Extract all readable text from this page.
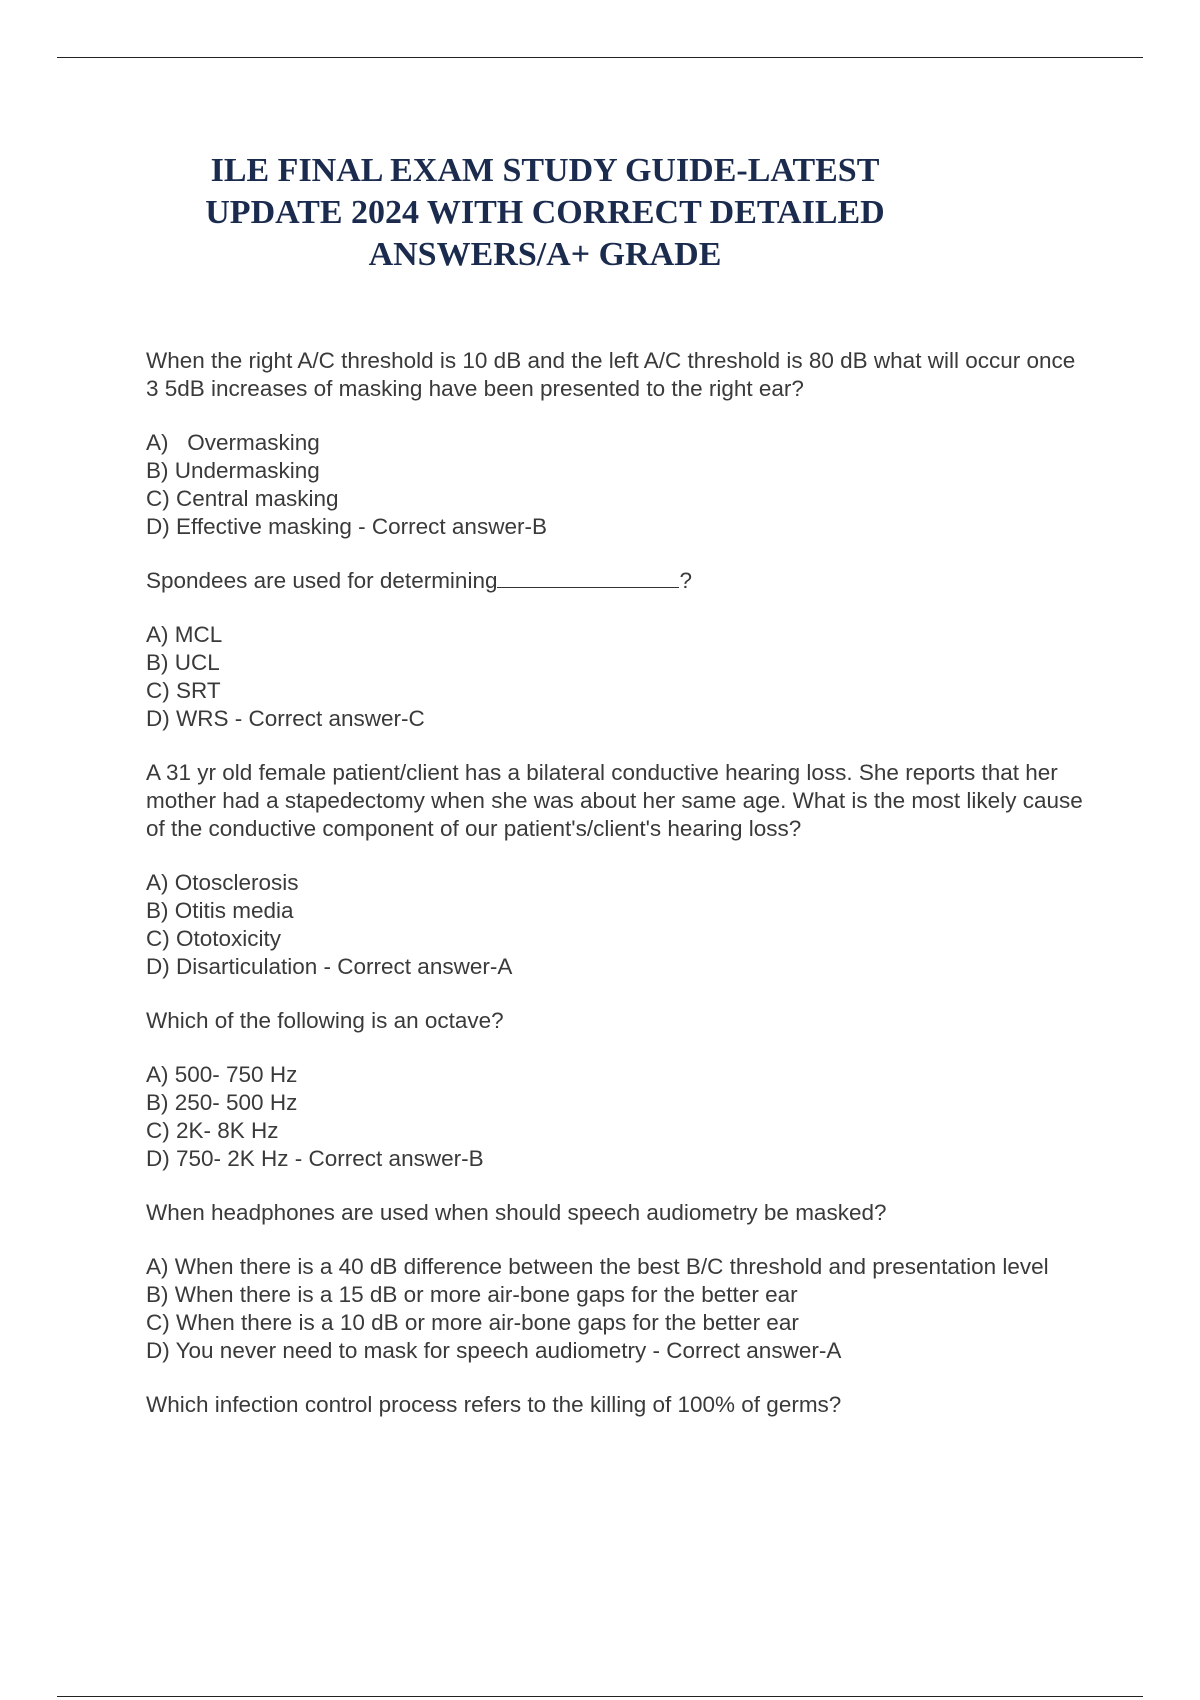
ILE FINAL EXAM STUDY GUIDE-LATEST
UPDATE 2024 WITH CORRECT DETAILED
ANSWERS/A+ GRADE

When the right A/C threshold is 10 dB and the left A/C threshold is 80 dB what will occur once 3 5dB increases of masking have been presented to the right ear?

A)   Overmasking
B) Undermasking
C) Central masking
D) Effective masking - Correct answer-B

Spondees are used for determining	?

A) MCL
B) UCL
C) SRT
D) WRS - Correct answer-C

A 31 yr old female patient/client has a bilateral conductive hearing loss. She reports that her mother had a stapedectomy when she was about her same age. What is the most likely cause of the conductive component of our patient's/client's hearing loss?

A) Otosclerosis
B) Otitis media
C) Ototoxicity
D) Disarticulation - Correct answer-A

Which of the following is an octave?

A) 500- 750 Hz
B) 250- 500 Hz
C) 2K- 8K Hz
D) 750- 2K Hz - Correct answer-B

When headphones are used when should speech audiometry be masked?

A) When there is a 40 dB difference between the best B/C threshold and presentation level
B) When there is a 15 dB or more air-bone gaps for the better ear
C) When there is a 10 dB or more air-bone gaps for the better ear
D) You never need to mask for speech audiometry - Correct answer-A

Which infection control process refers to the killing of 100% of germs?
